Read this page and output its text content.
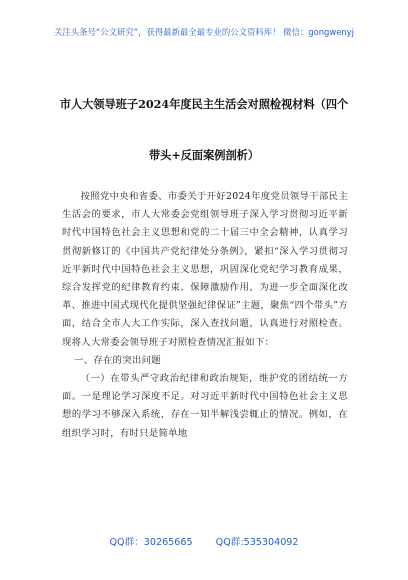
关注头条号“公文研究”，获得最新最全最专业的公文资料库！ 微信：gongwenyj
市人大领导班子2024年度民主生活会对照检视材料（四个
带头+反面案例剖析）

按照党中央和省委、市委关于开好2024年度党员领导干部民主生活会的要求，市人大常委会党组领导班子深入学习贯彻习近平新时代中国特色社会主义思想和党的二十届三中全会精神，认真学习贯彻新修订的《中国共产党纪律处分条例》，紧扣“深入学习贯彻习近平新时代中国特色社会主义思想，巩固深化党纪学习教育成果，综合发挥党的纪律教育约束、保障激励作用，为进一步全面深化改革、推进中国式现代化提供坚强纪律保证”主题，聚焦“四个带头”方面，结合全市人大工作实际，深入查找问题，认真进行对照检查。现将人大常委会领导班子对照检查情况汇报如下：

一、存在的突出问题

（一）在带头严守政治纪律和政治规矩，维护党的团结统一方面。一是理论学习深度不足。对习近平新时代中国特色社会主义思想的学习不够深入系统，存在一知半解浅尝辄止的情况。例如，在组织学习时，有时只是简单地

QQ群：30265665 QQ群:535304092
